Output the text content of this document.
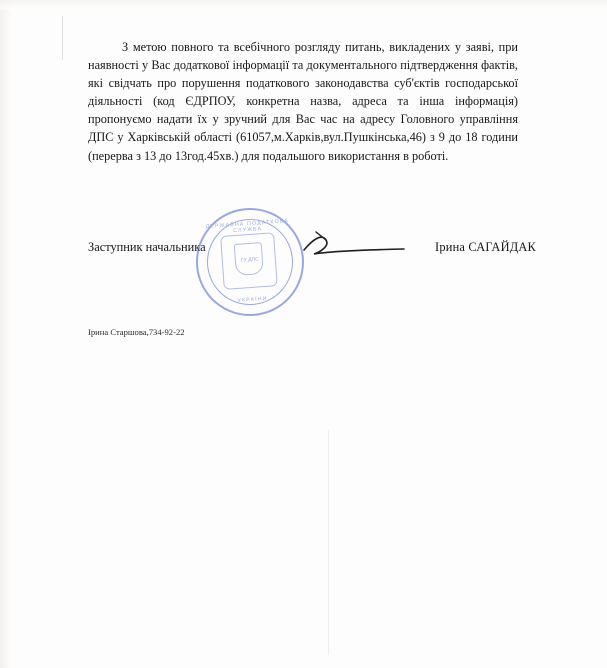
З метою повного та всебічного розгляду питань, викладених у заяві, при наявності у Вас додаткової інформації та документального підтвердження фактів, які свідчать про порушення податкового законодавства суб'єктів господарської діяльності (код ЄДРПОУ, конкретна назва, адреса та інша інформація) пропонуємо надати їх у зручний для Вас час на адресу Головного управління ДПС у Харківській області (61057,м.Харків,вул.Пушкінська,46) з 9 до 18 години (перерва з 13 до 13год.45хв.) для подальшого використання в роботі.

Заступник начальника	Ірина САГАЙДАК
ДЕРЖАВНА ПОДАТКОВА СЛУЖБА
ГУ ДПС
УКРАЇНИ
Ірина Старшова,734-92-22
